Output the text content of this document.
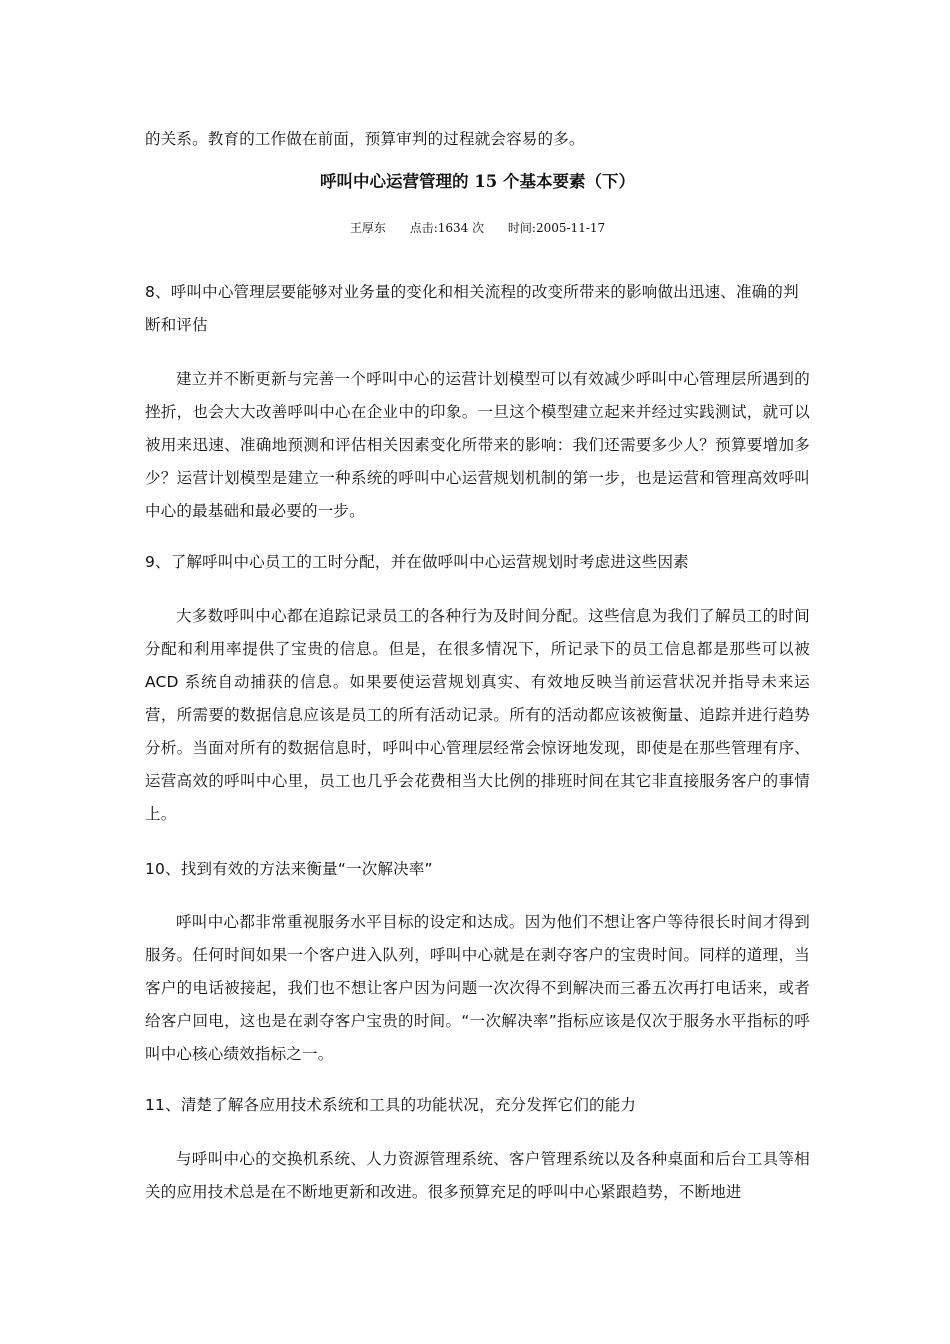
的关系。教育的工作做在前面，预算审判的过程就会容易的多。

呼叫中心运营管理的 15 个基本要素（下）
王厚东 点击:1634 次 时间:2005-11-17

8、呼叫中心管理层要能够对业务量的变化和相关流程的改变所带来的影响做出迅速、准确的判断和评估

建立并不断更新与完善一个呼叫中心的运营计划模型可以有效减少呼叫中心管理层所遇到的挫折，也会大大改善呼叫中心在企业中的印象。一旦这个模型建立起来并经过实践测试，就可以被用来迅速、准确地预测和评估相关因素变化所带来的影响：我们还需要多少人？预算要增加多少？运营计划模型是建立一种系统的呼叫中心运营规划机制的第一步，也是运营和管理高效呼叫中心的最基础和最必要的一步。

9、了解呼叫中心员工的工时分配，并在做呼叫中心运营规划时考虑进这些因素

大多数呼叫中心都在追踪记录员工的各种行为及时间分配。这些信息为我们了解员工的时间分配和利用率提供了宝贵的信息。但是，在很多情况下，所记录下的员工信息都是那些可以被 ACD 系统自动捕获的信息。如果要使运营规划真实、有效地反映当前运营状况并指导未来运营，所需要的数据信息应该是员工的所有活动记录。所有的活动都应该被衡量、追踪并进行趋势分析。当面对所有的数据信息时，呼叫中心管理层经常会惊讶地发现，即使是在那些管理有序、运营高效的呼叫中心里，员工也几乎会花费相当大比例的排班时间在其它非直接服务客户的事情上。

10、找到有效的方法来衡量“一次解决率”

呼叫中心都非常重视服务水平目标的设定和达成。因为他们不想让客户等待很长时间才得到服务。任何时间如果一个客户进入队列，呼叫中心就是在剥夺客户的宝贵时间。同样的道理，当客户的电话被接起，我们也不想让客户因为问题一次次得不到解决而三番五次再打电话来，或者给客户回电，这也是在剥夺客户宝贵的时间。“一次解决率”指标应该是仅次于服务水平指标的呼叫中心核心绩效指标之一。

11、清楚了解各应用技术系统和工具的功能状况，充分发挥它们的能力

与呼叫中心的交换机系统、人力资源管理系统、客户管理系统以及各种桌面和后台工具等相关的应用技术总是在不断地更新和改进。很多预算充足的呼叫中心紧跟趋势，不断地进
